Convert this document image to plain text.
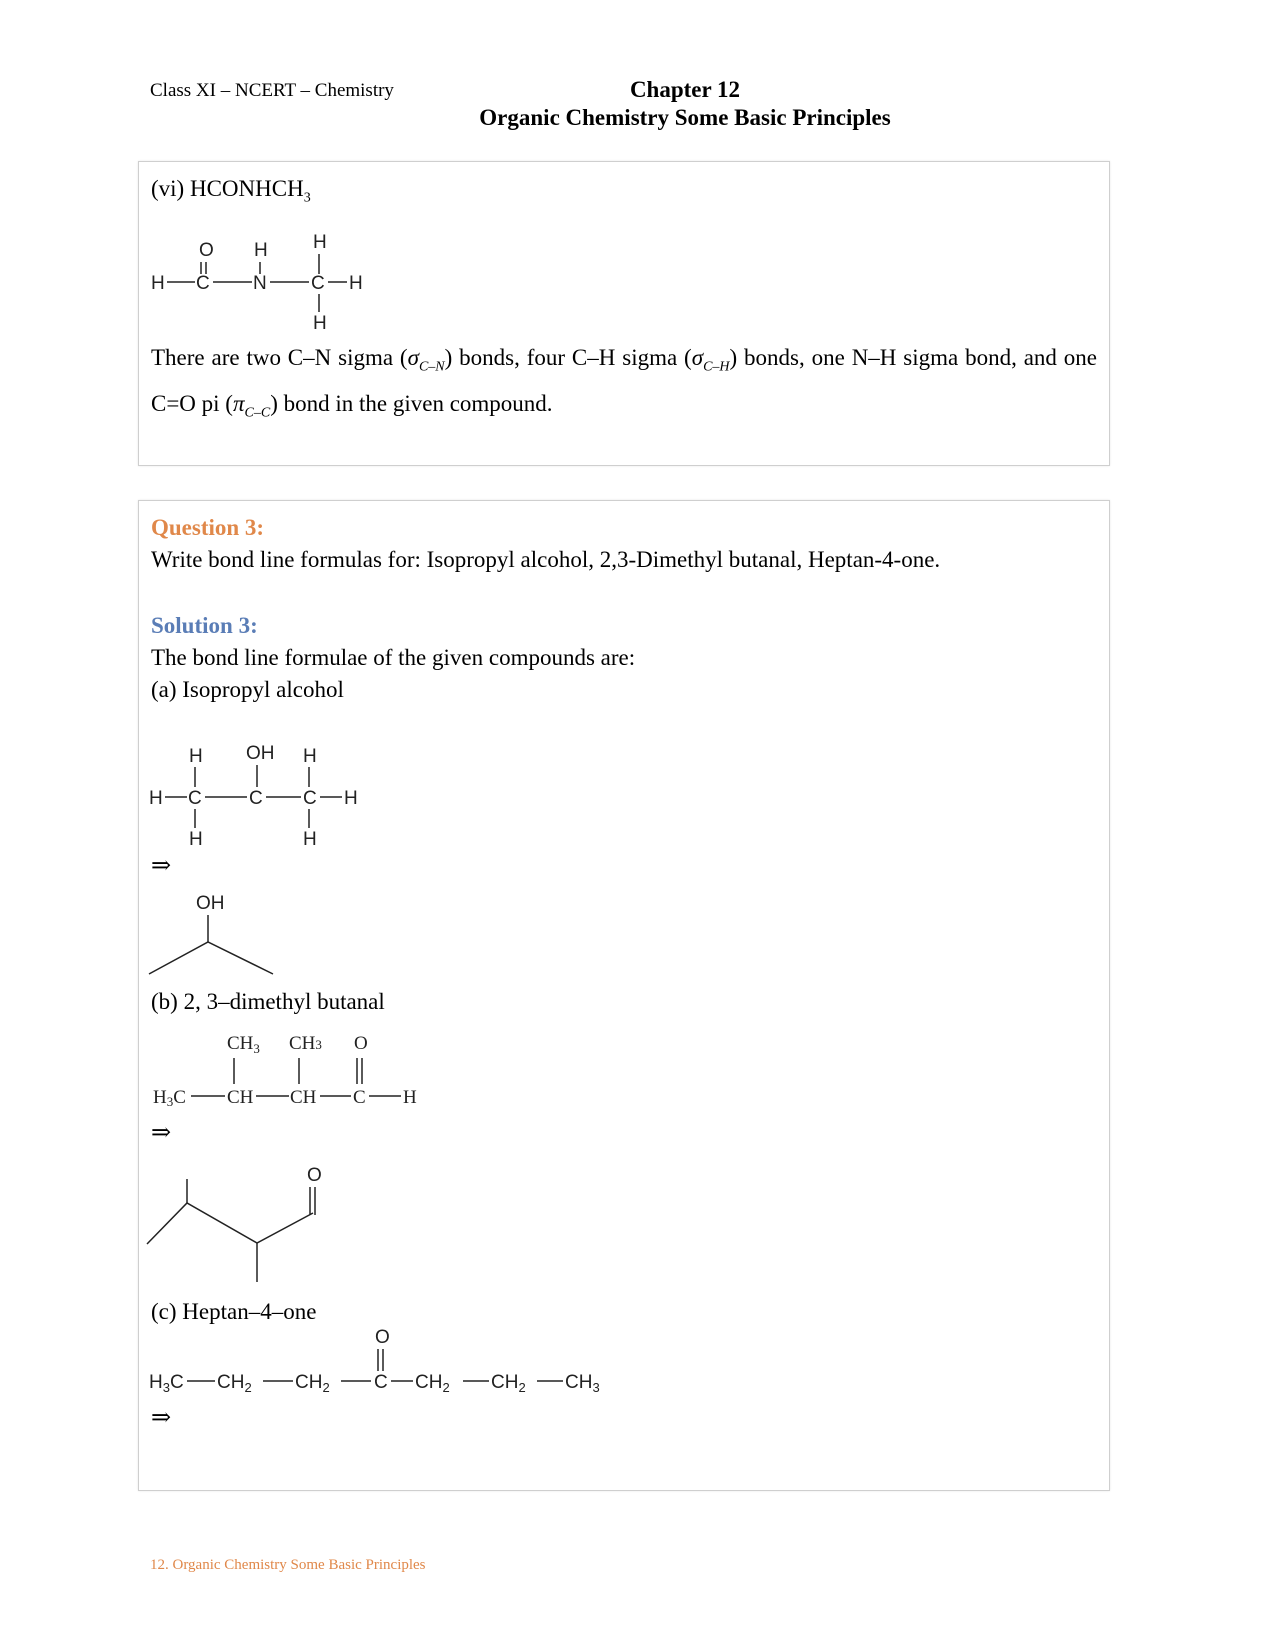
Class XI – NCERT – Chemistry	Chapter 12
Organic Chemistry Some Basic Principles
(vi) $HCONHCH_3$
O H H
H C N C H
H
There are two C–N sigma $(\sigma_{C-N})$ bonds, four C–H sigma $(\sigma_{C-H})$ bonds, one N–H sigma bond, and one C=O pi $(\pi_{C-C})$ bond in the given compound.
Question 3:
Write bond line formulas for: Isopropyl alcohol, 2,3-Dimethyl butanal, Heptan-4-one.
Solution 3:
The bond line formulae of the given compounds are:
(a) Isopropyl alcohol
H OH H
H C C C H
H	H
OH
$CH_3$ CH3 O
H3C CH CH C H
O
O
$H_3C$ $CH_2$ $CH_2$ C $CH_2$ $CH_2$ $CH_3$
⇒
(b) 2, 3–dimethyl butanal
⇒
(c) Heptan–4–one
⇒
12. Organic Chemistry Some Basic Principles
